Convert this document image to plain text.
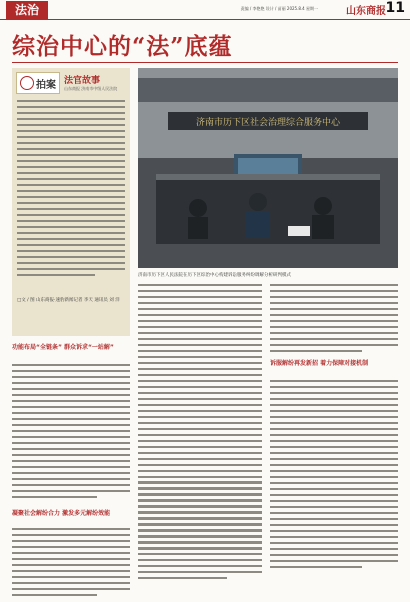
法治	责编 / 李艳艳 设计 / 苗丽 2025.8.4 星期一	山东商报 11
综治中心的“法”底蕴
拍案 法官故事
山东商报 济南市中级人民法院
□文 / 图 山东商报·速豹新闻记者 李天 通讯员 刘 洋
济南市历下区社会治理综合服务中心
济南市历下区人民法院在历下区综治中心构建诉讼服务纠纷调解分析研判模式
功能布局“全链条” 群众诉求“一站解”
凝聚社会解纷合力 激发多元解纷效能
诉服解纷再发新招 着力保障对接机制
